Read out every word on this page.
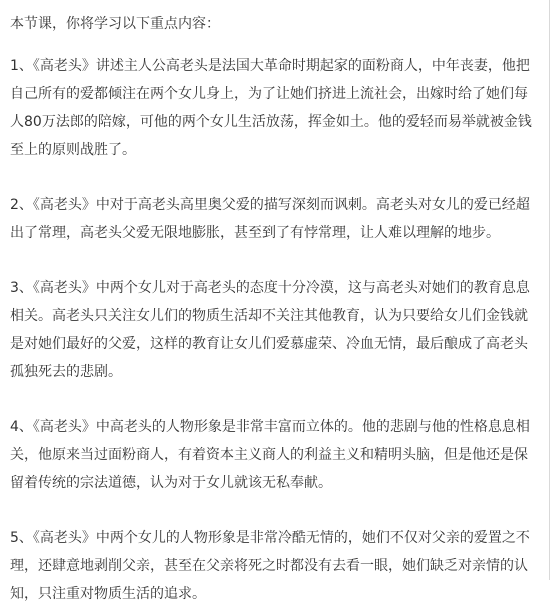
本节课，你将学习以下重点内容：

1、《高老头》讲述主人公高老头是法国大革命时期起家的面粉商人，中年丧妻，他把自己所有的爱都倾注在两个女儿身上，为了让她们挤进上流社会，出嫁时给了她们每人80万法郎的陪嫁，可他的两个女儿生活放荡，挥金如土。他的爱轻而易举就被金钱至上的原则战胜了。

2、《高老头》中对于高老头高里奥父爱的描写深刻而讽刺。高老头对女儿的爱已经超出了常理，高老头父爱无限地膨胀，甚至到了有悖常理，让人难以理解的地步。

3、《高老头》中两个女儿对于高老头的态度十分冷漠，这与高老头对她们的教育息息相关。高老头只关注女儿们的物质生活却不关注其他教育，认为只要给女儿们金钱就是对她们最好的父爱，这样的教育让女儿们爱慕虚荣、冷血无情，最后酿成了高老头孤独死去的悲剧。

4、《高老头》中高老头的人物形象是非常丰富而立体的。他的悲剧与他的性格息息相关，他原来当过面粉商人，有着资本主义商人的利益主义和精明头脑，但是他还是保留着传统的宗法道德，认为对于女儿就该无私奉献。

5、《高老头》中两个女儿的人物形象是非常冷酷无情的，她们不仅对父亲的爱置之不理，还肆意地剥削父亲，甚至在父亲将死之时都没有去看一眼，她们缺乏对亲情的认知，只注重对物质生活的追求。
